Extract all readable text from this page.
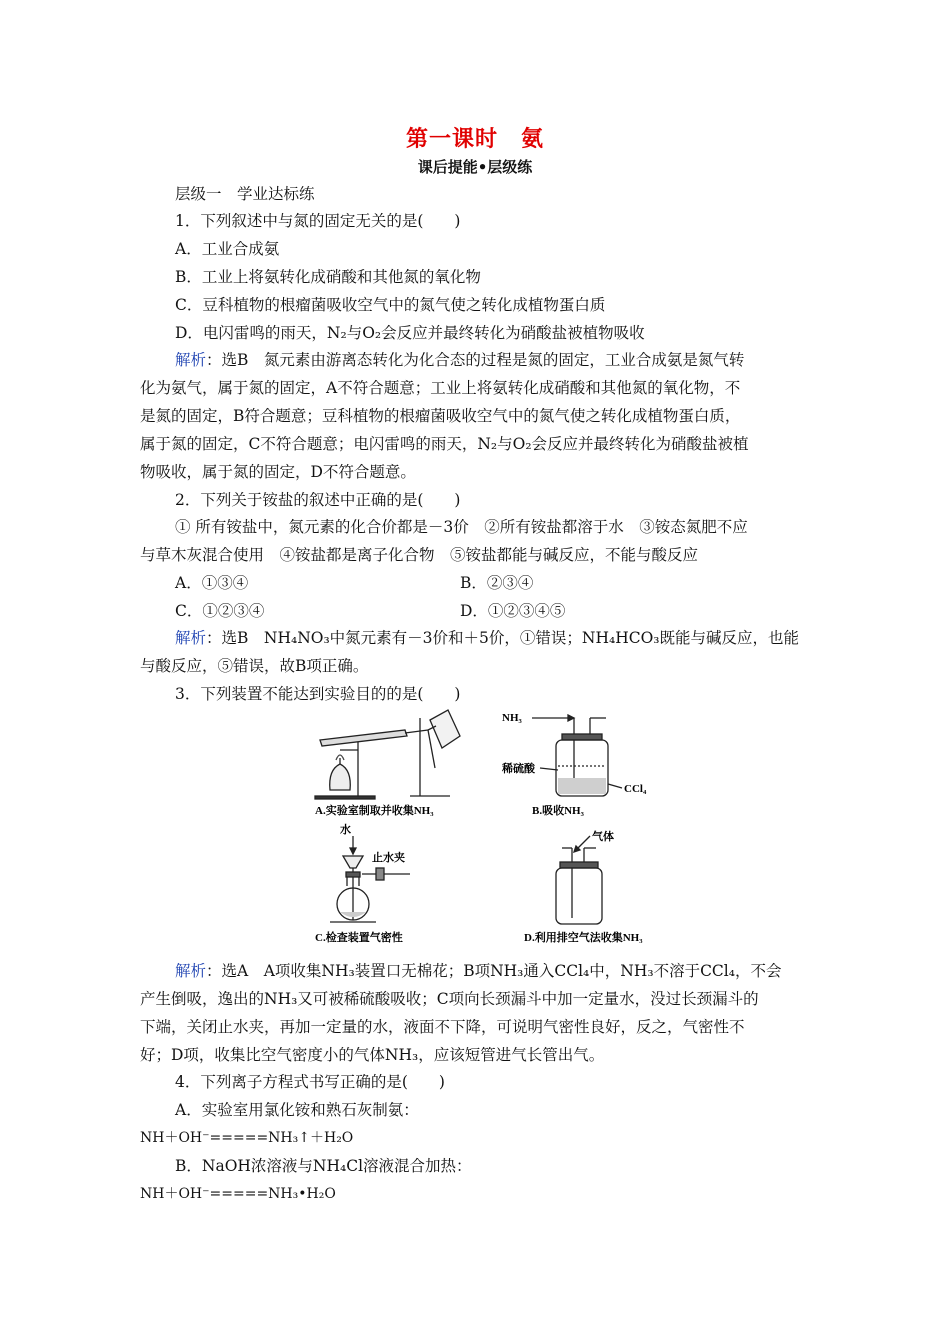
第一课时　氨
课后提能•层级练
层级一　学业达标练
1．下列叙述中与氮的固定无关的是(　　)
A．工业合成氨
B．工业上将氨转化成硝酸和其他氮的氧化物
C．豆科植物的根瘤菌吸收空气中的氮气使之转化成植物蛋白质
D．电闪雷鸣的雨天，N₂与O₂会反应并最终转化为硝酸盐被植物吸收
解析：选B　氮元素由游离态转化为化合态的过程是氮的固定，工业合成氨是氮气转
化为氨气，属于氮的固定，A不符合题意；工业上将氨转化成硝酸和其他氮的氧化物，不
是氮的固定，B符合题意；豆科植物的根瘤菌吸收空气中的氮气使之转化成植物蛋白质，
属于氮的固定，C不符合题意；电闪雷鸣的雨天，N₂与O₂会反应并最终转化为硝酸盐被植
物吸收，属于氮的固定，D不符合题意。
2．下列关于铵盐的叙述中正确的是(　　)
① 所有铵盐中，氮元素的化合价都是－3价　②所有铵盐都溶于水　③铵态氮肥不应
与草木灰混合使用　④铵盐都是离子化合物　⑤铵盐都能与碱反应，不能与酸反应
A．①③④	B．②③④
C．①②③④	D．①②③④⑤
解析：选B　NH₄NO₃中氮元素有－3价和＋5价，①错误；NH₄HCO₃既能与碱反应，也能
与酸反应，⑤错误，故B项正确。
3．下列装置不能达到实验目的的是(　　)
A.实验室制取并收集NH₃
NH₃
稀硫酸
CCl₄
B.吸收NH₃
水
止水夹
C.检查装置气密性
气体
D.利用排空气法收集NH₃
解析：选A　A项收集NH₃装置口无棉花；B项NH₃通入CCl₄中，NH₃不溶于CCl₄，不会
产生倒吸，逸出的NH₃又可被稀硫酸吸收；C项向长颈漏斗中加一定量水，没过长颈漏斗的
下端，关闭止水夹，再加一定量的水，液面不下降，可说明气密性良好，反之，气密性不
好；D项，收集比空气密度小的气体NH₃，应该短管进气长管出气。
4．下列离子方程式书写正确的是(　　)
A．实验室用氯化铵和熟石灰制氨：
NH＋OH⁻=====NH₃↑＋H₂O
B．NaOH浓溶液与NH₄Cl溶液混合加热：
NH＋OH⁻=====NH₃•H₂O
